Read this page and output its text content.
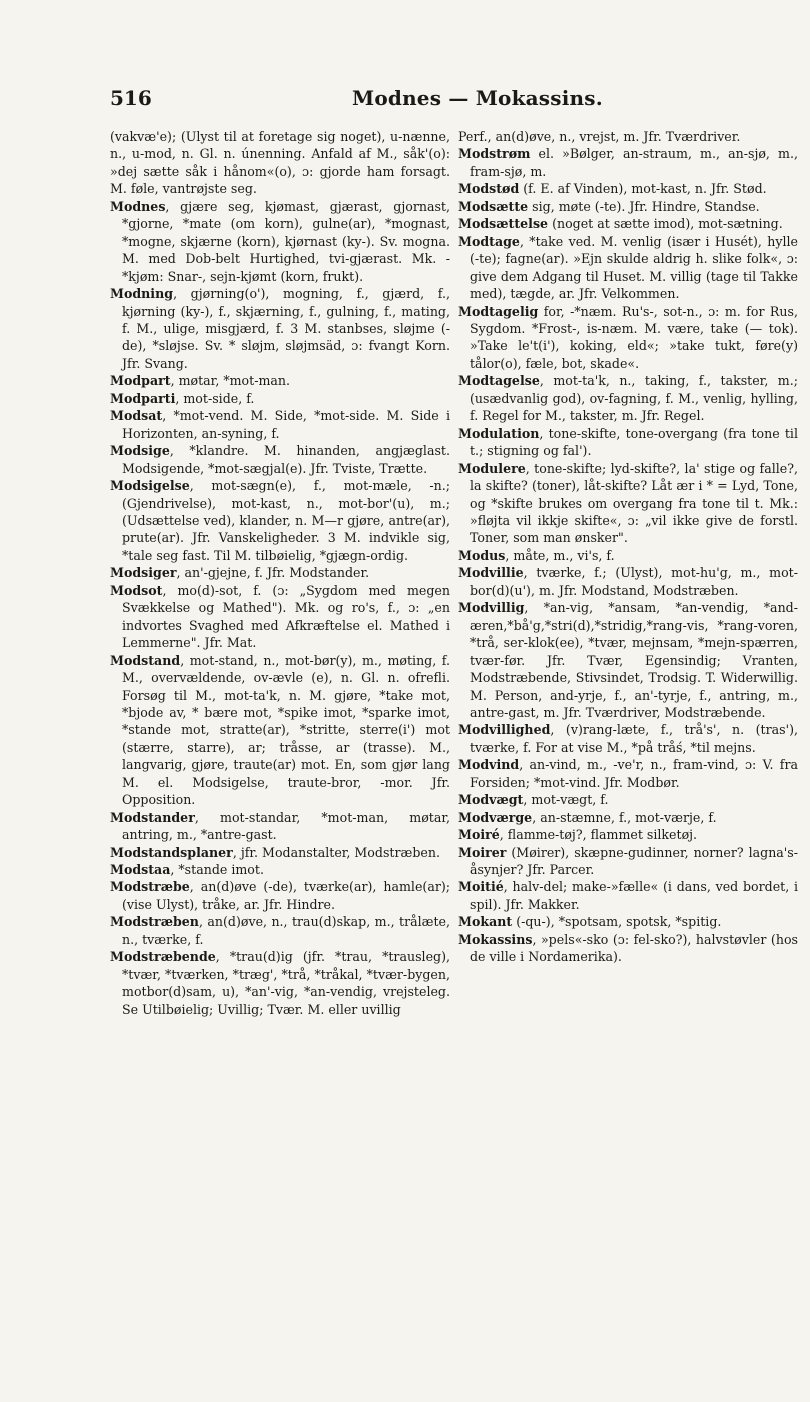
516	Modnes — Mokassins.

(vakvæ'e); (Ulyst til at foretage sig noget), u-nænne, n., u-mod, n. Gl. n. únenning. Anfald af M., såk'(o): »dej sætte såk i hånom«(o), ɔ: gjorde ham forsagt. M. føle, vantrøjste seg.

Modnes, gjære seg, kjømast, gjærast, gjornast, *gjorne, *mate (om korn), gulne(ar), *mognast, *mogne, skjærne (korn), kjørnast (ky-). Sv. mogna. M. med Dob-belt Hurtighed, tvi-gjærast. Mk. -*kjøm: Snar-, sejn-kjømt (korn, frukt).

Modning, gjørning(o'), mogning, f., gjærd, f., kjørning (ky-), f., skjærning, f., gulning, f., mating, f. M., ulige, misgjærd, f. 3 M. stanbses, sløjme (-de), *sløjse. Sv. * sløjm, sløjmsäd, ɔ: fvangt Korn. Jfr. Svang.

Modpart, møtar, *mot-man.

Modparti, mot-side, f.

Modsat, *mot-vend. M. Side, *mot-side. M. Side i Horizonten, an-syning, f.

Modsige, *klandre. M. hinanden, angjæglast. Modsigende, *mot-sægjal(e). Jfr. Tviste, Trætte.

Modsigelse, mot-sægn(e), f., mot-mæle, -n.; (Gjendrivelse), mot-kast, n., mot-bor'(u), m.; (Udsættelse ved), klander, n. M—r gjøre, antre(ar), prute(ar). Jfr. Vanskeligheder. 3 M. indvikle sig, *tale seg fast. Til M. tilbøielig, *gjægn-ordig.

Modsiger, an'-gjejne, f. Jfr. Modstander.

Modsot, mo(d)-sot, f. (ɔ: „Sygdom med megen Svækkelse og Mathed"). Mk. og ro's, f., ɔ: „en indvortes Svaghed med Afkræftelse el. Mathed i Lemmerne". Jfr. Mat.

Modstand, mot-stand, n., mot-bør(y), m., møting, f. M., overvældende, ov-ævle (e), n. Gl. n. ofrefli. Forsøg til M., mot-ta'k, n. M. gjøre, *take mot, *bjode av, * bære mot, *spike imot, *sparke imot, *stande mot, stratte(ar), *stritte, sterre(i') mot (stærre, starre), ar; tråsse, ar (trasse). M., langvarig, gjøre, traute(ar) mot. En, som gjør lang M. el. Modsigelse, traute-bror, -mor. Jfr. Opposition.

Modstander, mot-standar, *mot-man, møtar, antring, m., *antre-gast.

Modstandsplaner, jfr. Modanstalter, Modstræben.

Modstaa, *stande imot.

Modstræbe, an(d)øve (-de), tværke(ar), hamle(ar); (vise Ulyst), tråke, ar. Jfr. Hindre.

Modstræben, an(d)øve, n., trau(d)skap, m., trålæte, n., tværke, f.

Modstræbende, *trau(d)ig (jfr. *trau, *trausleg), *tvær, *tværken, *træg', *trå, *tråkal, *tvær-bygen, motbor(d)sam, u), *an'-vig, *an-vendig, vrejsteleg. Se Utilbøielig; Uvillig; Tvær. M. eller uvillig

Perf., an(d)øve, n., vrejst, m. Jfr. Tværdriver.

Modstrøm el. »Bølger, an-straum, m., an-sjø, m., fram-sjø, m.

Modstød (f. E. af Vinden), mot-kast, n. Jfr. Stød.

Modsætte sig, møte (-te). Jfr. Hindre, Standse.

Modsættelse (noget at sætte imod), mot-sætning.

Modtage, *take ved. M. venlig (især i Husét), hylle (-te); fagne(ar). »Ejn skulde aldrig h. slike folk«, ɔ: give dem Adgang til Huset. M. villig (tage til Takke med), tægde, ar. Jfr. Velkommen.

Modtagelig for, -*næm. Ru's-, sot-n., ɔ: m. for Rus, Sygdom. *Frost-, is-næm. M. være, take (— tok). »Take le't(i'), koking, eld«; »take tukt, føre(y) tålor(o), fæle, bot, skade«.

Modtagelse, mot-ta'k, n., taking, f., takster, m.; (usædvanlig god), ov-fagning, f. M., venlig, hylling, f. Regel for M., takster, m. Jfr. Regel.

Modulation, tone-skifte, tone-overgang (fra tone til t.; stigning og fal').

Modulere, tone-skifte; lyd-skifte?, la' stige og falle?, la skifte? (toner), låt-skifte? Låt ær i * = Lyd, Tone, og *skifte brukes om overgang fra tone til t. Mk.: »fløjta vil ikkje skifte«, ɔ: „vil ikke give de forstl. Toner, som man ønsker".

Modus, måte, m., vi's, f.

Modvillie, tværke, f.; (Ulyst), mot-hu'g, m., mot-bor(d)(u'), m. Jfr. Modstand, Modstræben.

Modvillig, *an-vig, *ansam, *an-vendig, *and-æren,*bå'g,*stri(d),*stridig,*rang-vis, *rang-voren, *trå, ser-klok(ee), *tvær, mejnsam, *mejn-spærren, tvær-før. Jfr. Tvær, Egensindig; Vranten, Modstræbende, Stivsindet, Trodsig. T. Widerwillig. M. Person, and-yrje, f., an'-tyrje, f., antring, m., antre-gast, m. Jfr. Tværdriver, Modstræbende.

Modvillighed, (v)rang-læte, f., trå's', n. (tras'), tværke, f. For at vise M., *på tråś, *til mejns.

Modvind, an-vind, m., -ve'r, n., fram-vind, ɔ: V. fra Forsiden; *mot-vind. Jfr. Modbør.

Modvægt, mot-vægt, f.

Modværge, an-stæmne, f., mot-værje, f.

Moiré, flamme-tøj?, flammet silketøj.

Moirer (Møirer), skæpne-gudinner, norner? lagna's-åsynjer? Jfr. Parcer.

Moitié, halv-del; make-»fælle« (i dans, ved bordet, i spil). Jfr. Makker.

Mokant (-qu-), *spotsam, spotsk, *spitig.

Mokassins, »pels«-sko (ɔ: fel-sko?), halvstøvler (hos de ville i Nordamerika).
